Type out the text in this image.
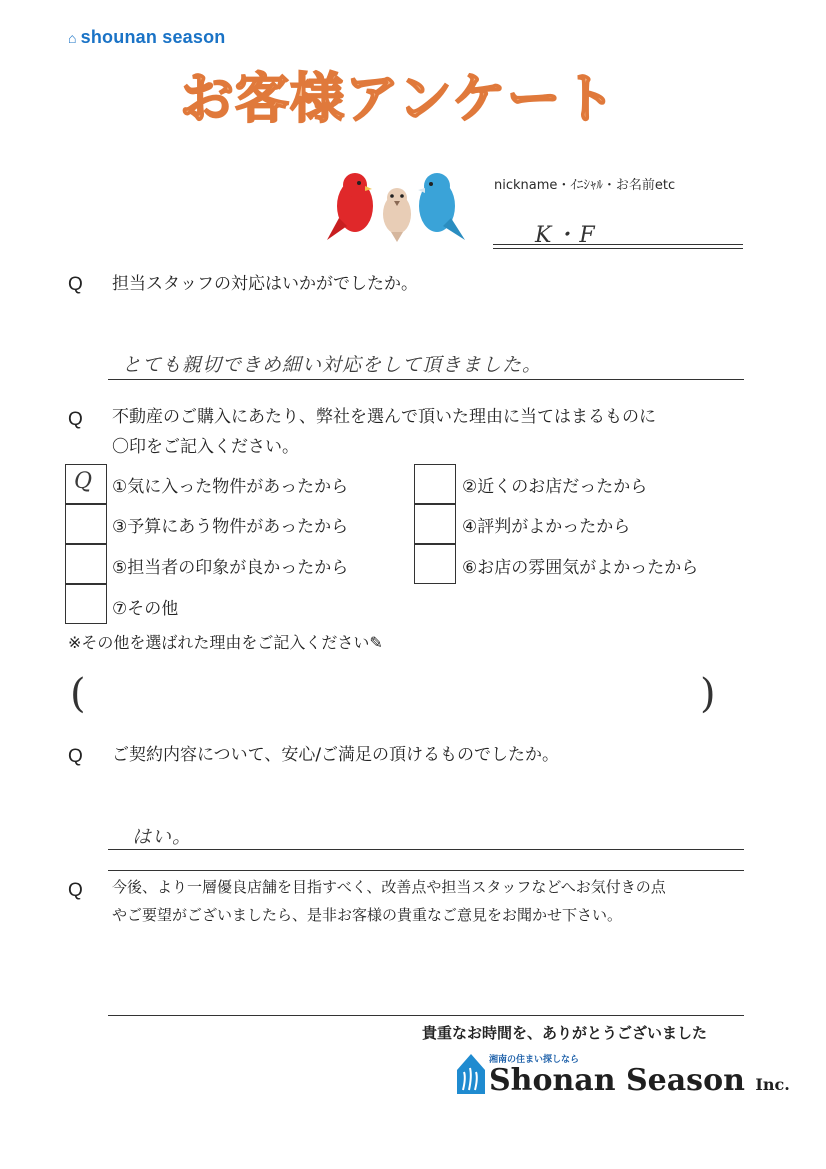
⌂ shounan season
お客様アンケート
nickname・ｲﾆｼｬﾙ・お名前etc
K・F
Q 担当スタッフの対応はいかがでしたか。
とても親切できめ細い対応をして頂きました。
Q 不動産のご購入にあたり、弊社を選んで頂いた理由に当てはまるものに
〇印をご記入ください。
Q ①気に入った物件があったから	②近くのお店だったから
③予算にあう物件があったから	④評判がよかったから
⑤担当者の印象が良かったから	⑥お店の雰囲気がよかったから
⑦その他
※その他を選ばれた理由をご記入ください✎
(	)
Q ご契約内容について、安心/ご満足の頂けるものでしたか。
はい。
Q 今後、より一層優良店舗を目指すべく、改善点や担当スタッフなどへお気付きの点
やご要望がございましたら、是非お客様の貴重なご意見をお聞かせ下さい。
貴重なお時間を、ありがとうございました
湘南の住まい探しなら
Shonan Season Inc.
